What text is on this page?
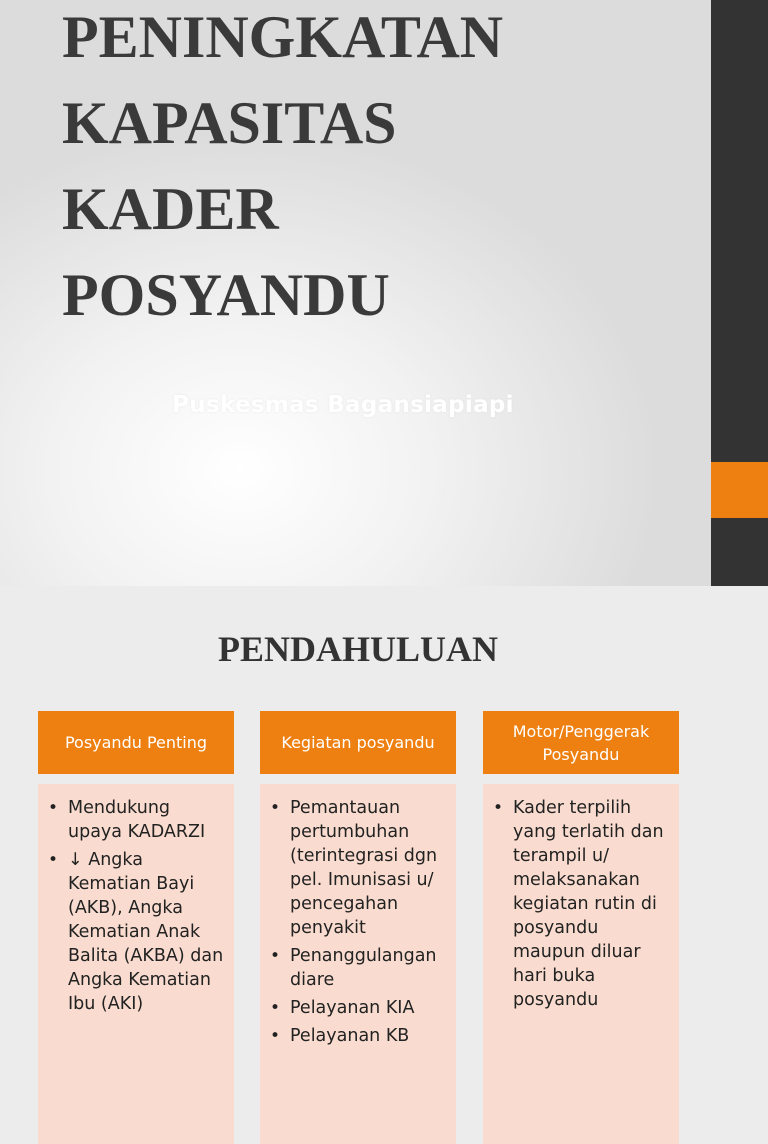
PENINGKATAN
KAPASITAS
KADER
POSYANDU
Puskesmas Bagansiapiapi
PENDAHULUAN
Posyandu Penting
• Mendukung upaya KADARZI
• ↓ Angka Kematian Bayi (AKB), Angka Kematian Anak Balita (AKBA) dan Angka Kematian Ibu (AKI)
Kegiatan posyandu
• Pemantauan pertumbuhan (terintegrasi dgn pel. Imunisasi u/ pencegahan penyakit
• Penanggulangan diare
• Pelayanan KIA
• Pelayanan KB
Motor/Penggerak Posyandu
• Kader terpilih yang terlatih dan terampil u/ melaksanakan kegiatan rutin di posyandu maupun diluar hari buka posyandu
